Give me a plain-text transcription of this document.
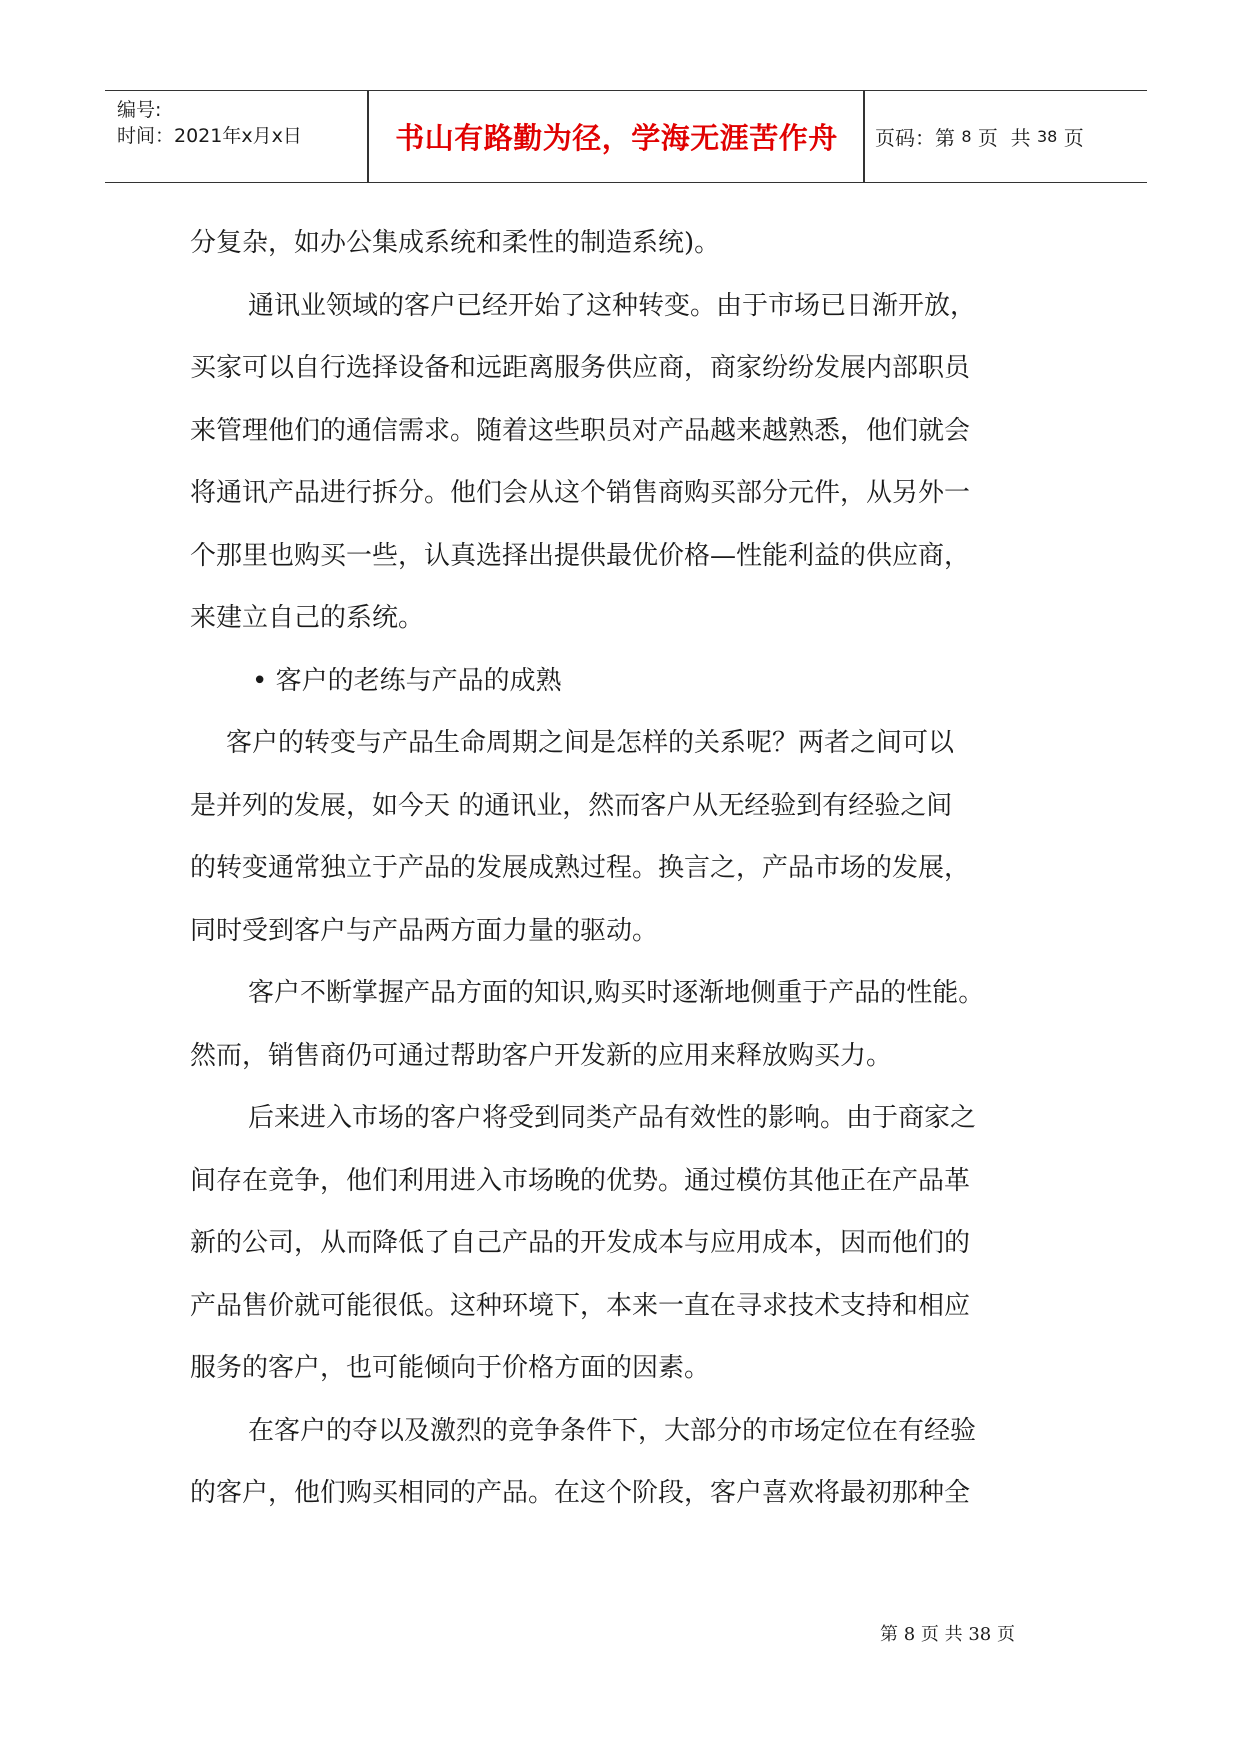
编号:
时间：2021年x月x日	书山有路勤为径，学海无涯苦作舟	页码：第
8
页  共
38
页

分复杂，如办公集成系统和柔性的制造系统)。

通讯业领域的客户已经开始了这种转变。由于市场已日渐开放，

买家可以自行选择设备和远距离服务供应商，商家纷纷发展内部职员

来管理他们的通信需求。随着这些职员对产品越来越熟悉，他们就会

将通讯产品进行拆分。他们会从这个销售商购买部分元件，从另外一

个那里也购买一些，认真选择出提供最优价格—性能利益的供应商，

来建立自己的系统。

• 客户的老练与产品的成熟

客户的转变与产品生命周期之间是怎样的关系呢？两者之间可以

是并列的发展，如今天 的通讯业，然而客户从无经验到有经验之间

的转变通常独立于产品的发展成熟过程。换言之，产品市场的发展，

同时受到客户与产品两方面力量的驱动。

客户不断掌握产品方面的知识,购买时逐渐地侧重于产品的性能。

然而，销售商仍可通过帮助客户开发新的应用来释放购买力。

后来进入市场的客户将受到同类产品有效性的影响。由于商家之

间存在竞争，他们利用进入市场晚的优势。通过模仿其他正在产品革

新的公司，从而降低了自己产品的开发成本与应用成本，因而他们的

产品售价就可能很低。这种环境下，本来一直在寻求技术支持和相应

服务的客户，也可能倾向于价格方面的因素。

在客户的夺以及激烈的竞争条件下，大部分的市场定位在有经验

的客户，他们购买相同的产品。在这个阶段，客户喜欢将最初那种全

第 8 页 共 38 页
